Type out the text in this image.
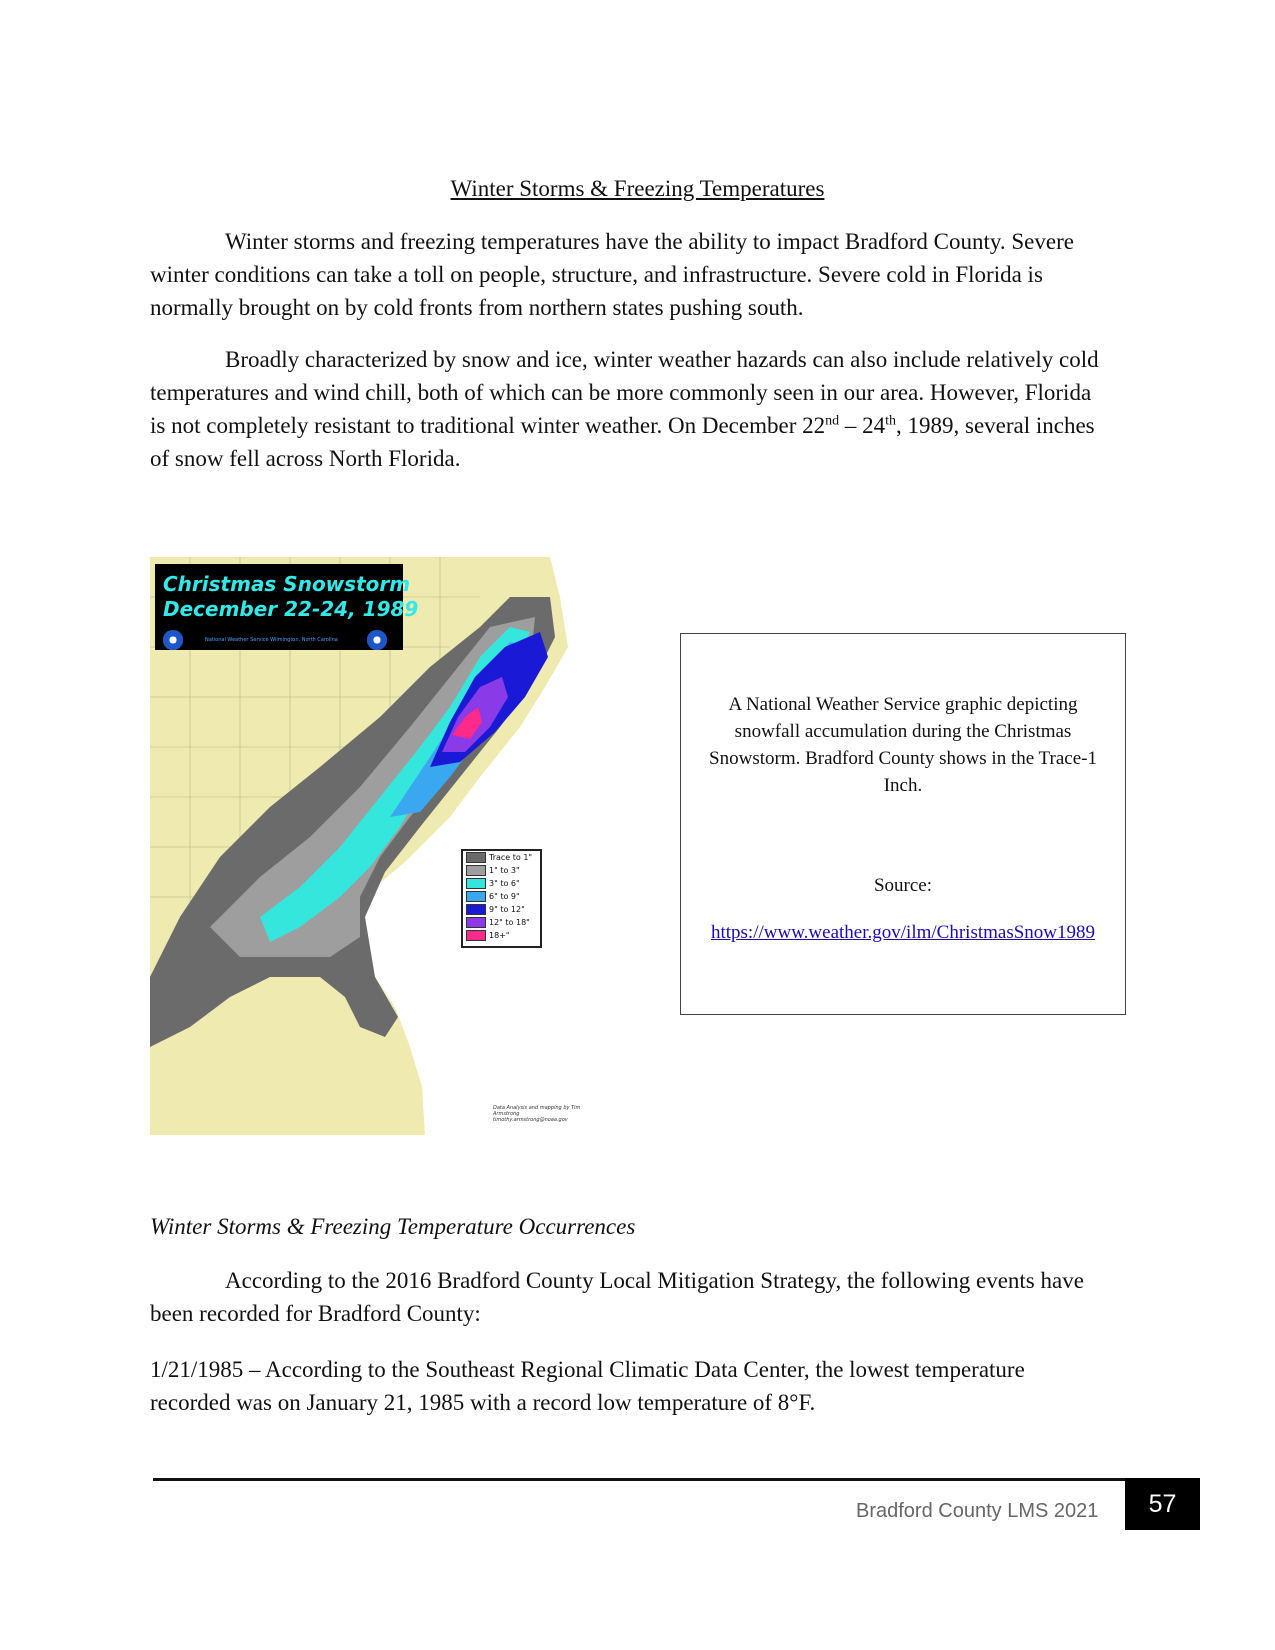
Winter Storms & Freezing Temperatures

Winter storms and freezing temperatures have the ability to impact Bradford County. Severe winter conditions can take a toll on people, structure, and infrastructure. Severe cold in Florida is normally brought on by cold fronts from northern states pushing south.

Broadly characterized by snow and ice, winter weather hazards can also include relatively cold temperatures and wind chill, both of which can be more commonly seen in our area. However, Florida is not completely resistant to traditional winter weather. On December 22nd – 24th, 1989, several inches of snow fell across North Florida.

Christmas Snowstorm
December 22-24, 1989
National Weather Service Wilmington, North Carolina
Trace to 1"
1" to 3"
3" to 6"
6" to 9"
9" to 12"
12" to 18"
18+"
Data Analysis and mapping by Tim Armstrong timothy.armstrong@noaa.gov
A National Weather Service graphic depicting snowfall accumulation during the Christmas Snowstorm. Bradford County shows in the Trace-1 Inch.
Source:
https://www.weather.gov/ilm/ChristmasSnow1989
Winter Storms & Freezing Temperature Occurrences

According to the 2016 Bradford County Local Mitigation Strategy, the following events have been recorded for Bradford County:

1/21/1985 – According to the Southeast Regional Climatic Data Center, the lowest temperature recorded was on January 21, 1985 with a record low temperature of 8°F.

Bradford County LMS 2021	57
